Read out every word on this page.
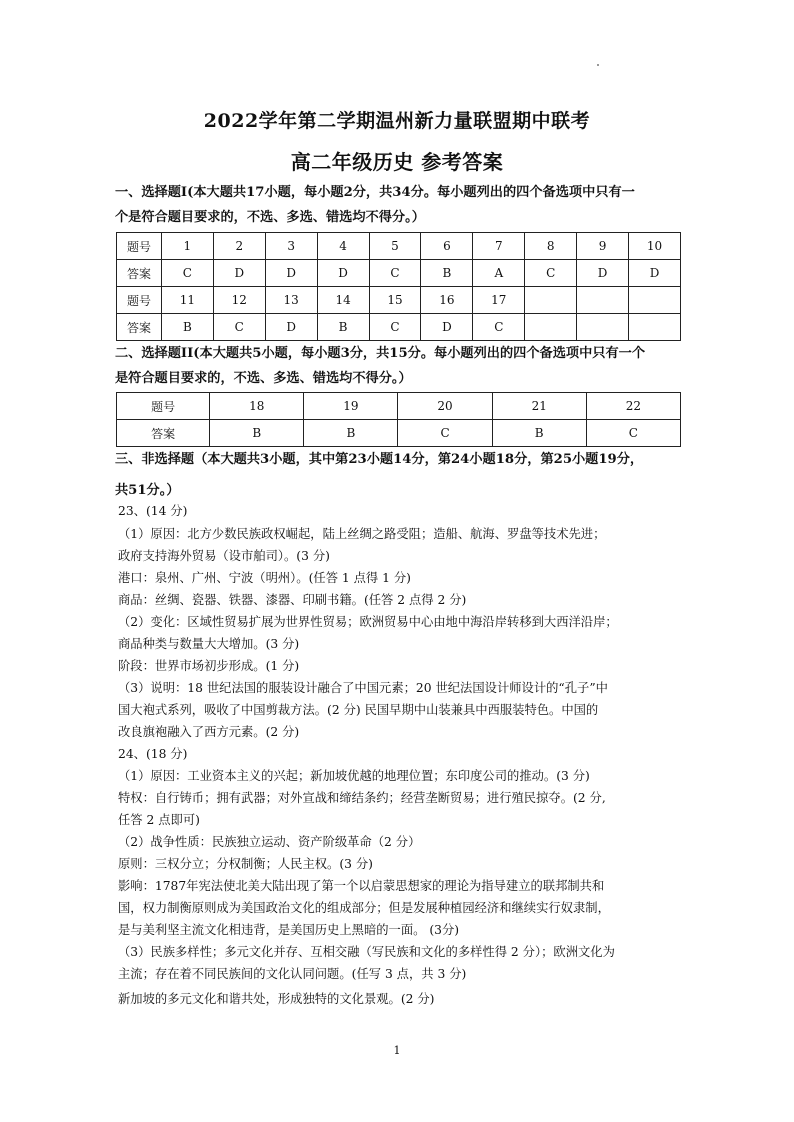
2022学年第二学期温州新力量联盟期中联考
高二年级历史 参考答案
一、选择题I(本大题共17小题，每小题2分，共34分。每小题列出的四个备选项中只有一
个是符合题目要求的，不选、多选、错选均不得分。）
题号	1	2	3	4	5	6	7	8	9	10
答案	C	D	D	D	C	B	A	C	D	D
题号	11	12	13	14	15	16	17			
答案	B	C	D	B	C	D	C			
二、选择题II(本大题共5小题，每小题3分，共15分。每小题列出的四个备选项中只有一个
是符合题目要求的，不选、多选、错选均不得分。）
题号	18	19	20	21	22
答案	B	B	C	B	C
三、非选择题（本大题共3小题，其中第23小题14分，第24小题18分，第25小题19分，
共51分。）
23、(14 分)
（1）原因：北方少数民族政权崛起，陆上丝绸之路受阻；造船、航海、罗盘等技术先进；
政府支持海外贸易（设市舶司）。(3 分)
港口：泉州、广州、宁波（明州）。(任答 1 点得 1 分)
商品：丝绸、瓷器、铁器、漆器、印刷书籍。(任答 2 点得 2 分)
（2）变化：区域性贸易扩展为世界性贸易；欧洲贸易中心由地中海沿岸转移到大西洋沿岸；
商品种类与数量大大增加。(3 分)
阶段：世界市场初步形成。(1 分)
（3）说明：18 世纪法国的服装设计融合了中国元素；20 世纪法国设计师设计的“孔子”中
国大袍式系列，吸收了中国剪裁方法。(2 分) 民国早期中山装兼具中西服装特色。中国的
改良旗袍融入了西方元素。(2 分)
24、(18 分)
（1）原因：工业资本主义的兴起；新加坡优越的地理位置；东印度公司的推动。(3 分)
特权：自行铸币；拥有武器；对外宣战和缔结条约；经营垄断贸易；进行殖民掠夺。(2 分,
任答 2 点即可)
（2）战争性质：民族独立运动、资产阶级革命（2 分）
原则：三权分立；分权制衡；人民主权。(3 分)
影响：1787年宪法使北美大陆出现了第一个以启蒙思想家的理论为指导建立的联邦制共和
国，权力制衡原则成为美国政治文化的组成部分；但是发展种植园经济和继续实行奴隶制，
是与美利坚主流文化相违背，是美国历史上黑暗的一面。 (3分)
（3）民族多样性；多元文化并存、互相交融（写民族和文化的多样性得 2 分）；欧洲文化为
主流；存在着不同民族间的文化认同问题。(任写 3 点，共 3 分)
新加坡的多元文化和谐共处，形成独特的文化景观。(2 分)
1
